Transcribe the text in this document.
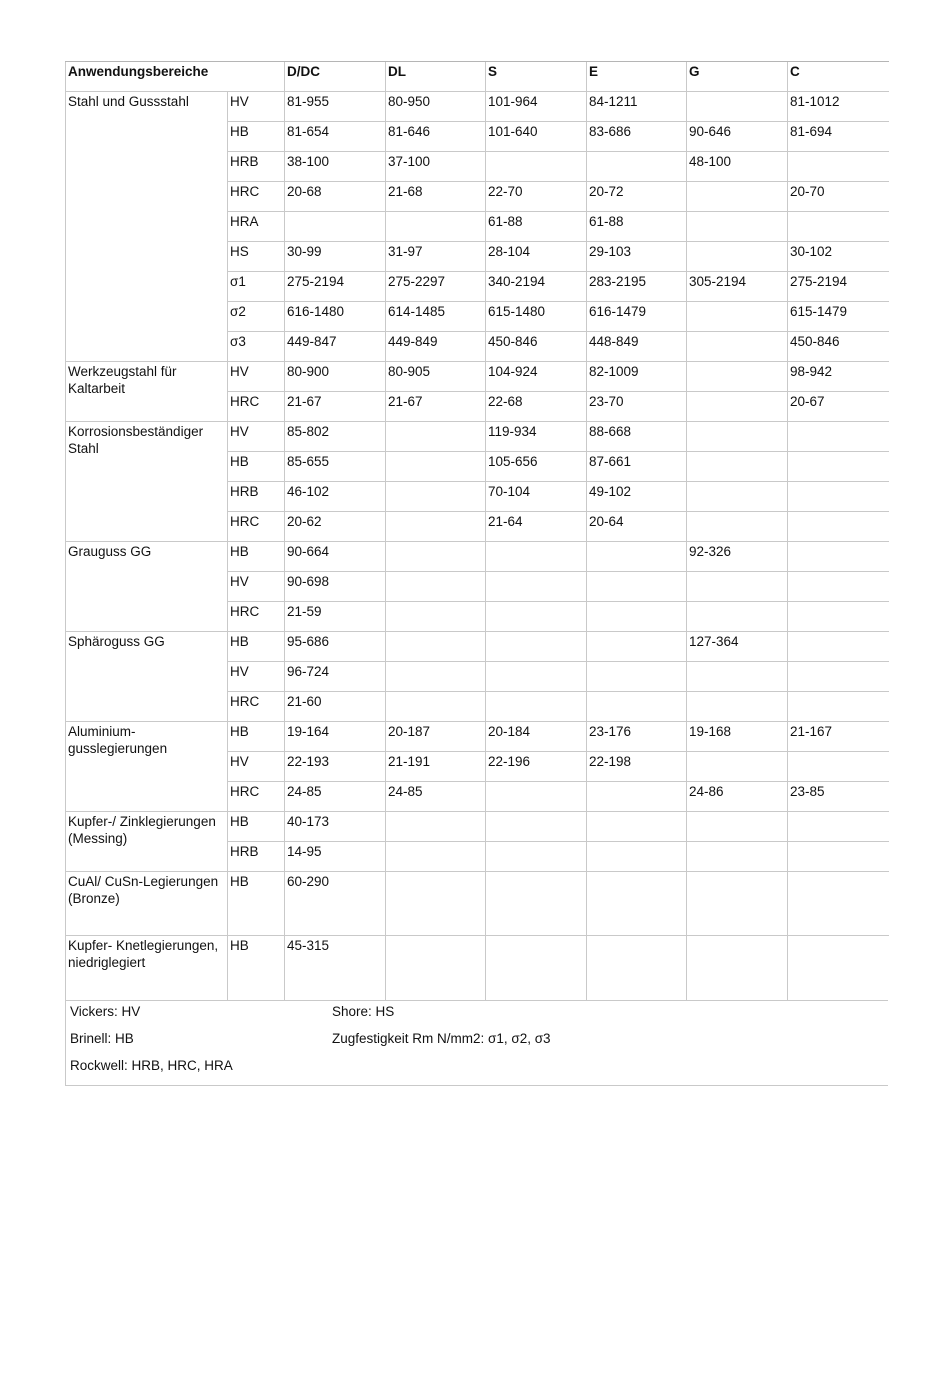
Anwendungsbereiche		D/DC	DL	S	E	G	C
Stahl und Gussstahl	HV	81-955	80-950	101-964	84-1211		81-1012
	HB	81-654	81-646	101-640	83-686	90-646	81-694
	HRB	38-100	37-100			48-100	
	HRC	20-68	21-68	22-70	20-72		20-70
	HRA			61-88	61-88		
	HS	30-99	31-97	28-104	29-103		30-102
	σ1	275-2194	275-2297	340-2194	283-2195	305-2194	275-2194
	σ2	616-1480	614-1485	615-1480	616-1479		615-1479
	σ3	449-847	449-849	450-846	448-849		450-846
Werkzeugstahl für Kaltarbeit	HV	80-900	80-905	104-924	82-1009		98-942
	HRC	21-67	21-67	22-68	23-70		20-67
Korrosionsbeständiger Stahl	HV	85-802		119-934	88-668		
	HB	85-655		105-656	87-661		
	HRB	46-102		70-104	49-102		
	HRC	20-62		21-64	20-64		
Grauguss GG	HB	90-664				92-326	
	HV	90-698					
	HRC	21-59					
Sphäroguss GG	HB	95-686				127-364	
	HV	96-724					
	HRC	21-60					
Aluminium- gusslegierungen	HB	19-164	20-187	20-184	23-176	19-168	21-167
	HV	22-193	21-191	22-196	22-198		
	HRC	24-85	24-85			24-86	23-85
Kupfer-/ Zinklegierungen (Messing)	HB	40-173					
	HRB	14-95					
CuAl/ CuSn-Legierungen (Bronze)	HB	60-290					
Kupfer- Knetlegierungen, niedriglegiert	HB	45-315					
Vickers: HV	Shore: HS
Brinell: HB	Zugfestigkeit Rm N/mm2: σ1, σ2, σ3
Rockwell: HRB, HRC, HRA
